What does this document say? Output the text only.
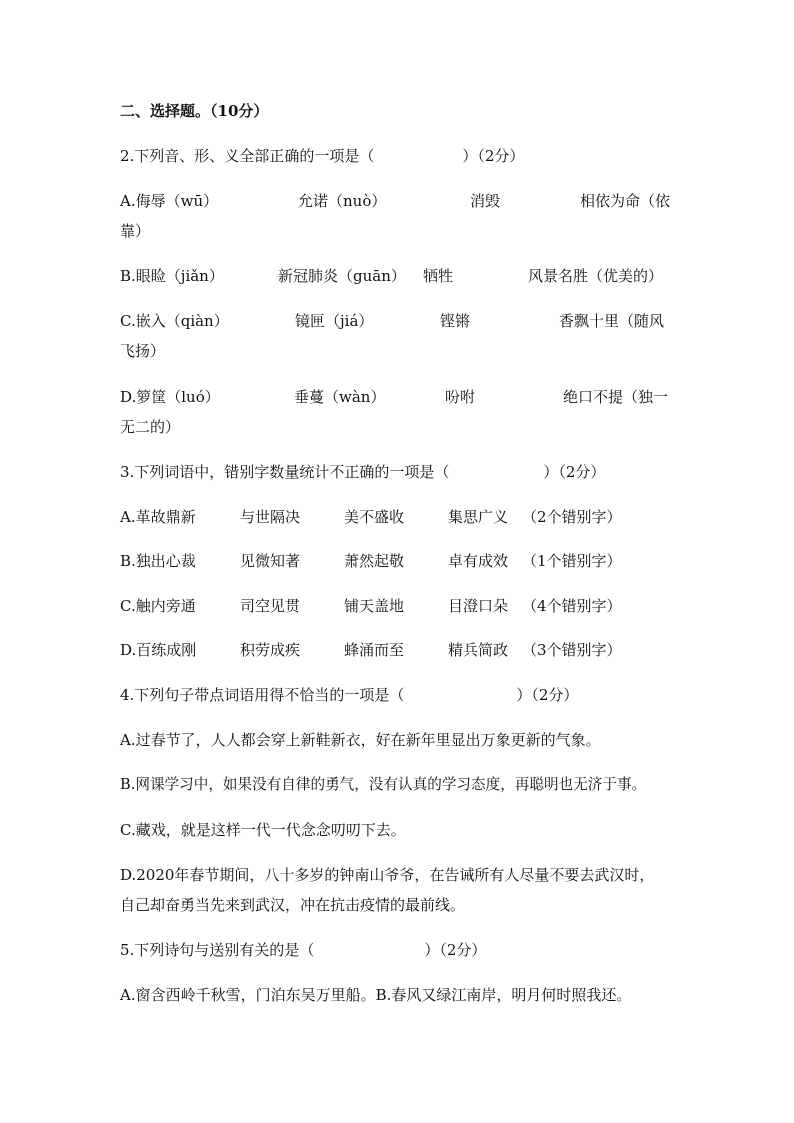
二、选择题。（10分）
2.下列音、形、义全部正确的一项是（	）（2分）
A.侮辱（wū）	允诺（nuò）	消毁	相依为命（依
靠）
B.眼睑（jiǎn）	新冠肺炎（guān） 牺牲	风景名胜（优美的）
C.嵌入（qiàn）	镜匣（jiá）	铿锵	香飘十里（随风
飞扬）
D.箩筐（luó）	垂蔓（wàn）	吩咐	绝口不提（独一
无二的）
3.下列词语中，错别字数量统计不正确的一项是（	）（2分）
A.革故鼎新	与世隔决	美不盛收	集思广义 （2个错别字）
B.独出心裁	见微知著	萧然起敬	卓有成效 （1个错别字）
C.触内旁通	司空见贯	铺天盖地	目澄口朵 （4个错别字）
D.百练成刚	积劳成疾	蜂涌而至	精兵简政 （3个错别字）
4.下列句子带点词语用得不恰当的一项是（	）（2分）
A.过春节了，人人都会穿上新鞋新衣，好在新年里显出万象更新的气象。
B.网课学习中，如果没有自律的勇气，没有认真的学习态度，再聪明也无济于事。
C.藏戏，就是这样一代一代念念叨叨下去。
D.2020年春节期间，八十多岁的钟南山爷爷，在告诫所有人尽量不要去武汉时，
自己却奋勇当先来到武汉，冲在抗击疫情的最前线。
5.下列诗句与送别有关的是（	）（2分）
A.窗含西岭千秋雪，门泊东吴万里船。B.春风又绿江南岸，明月何时照我还。
